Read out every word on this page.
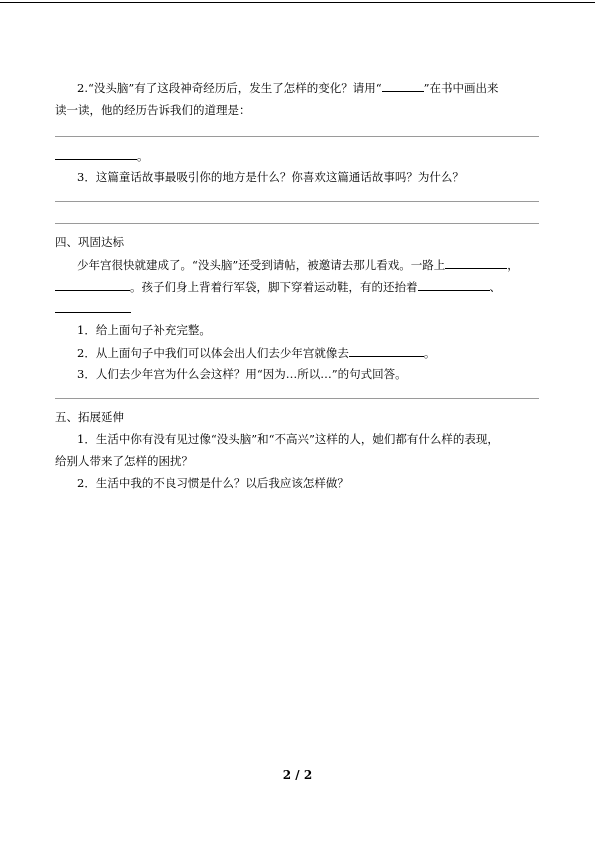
2.“没头脑”有了这段神奇经历后，发生了怎样的变化？请用“	”在书中画出来
读一读，他的经历告诉我们的道理是：
。
3．这篇童话故事最吸引你的地方是什么？你喜欢这篇通话故事吗？为什么？
四、巩固达标
少年宫很快就建成了。“没头脑”还受到请帖，被邀请去那儿看戏。一路上	，
。孩子们身上背着行军袋，脚下穿着运动鞋，有的还抬着	、
1．给上面句子补充完整。
2．从上面句子中我们可以体会出人们去少年宫就像去	。
3．人们去少年宫为什么会这样？用“因为…所以…”的句式回答。
五、拓展延伸
1．生活中你有没有见过像“没头脑”和“不高兴”这样的人，她们都有什么样的表现，
给别人带来了怎样的困扰？
2．生活中我的不良习惯是什么？以后我应该怎样做？
2 / 2
